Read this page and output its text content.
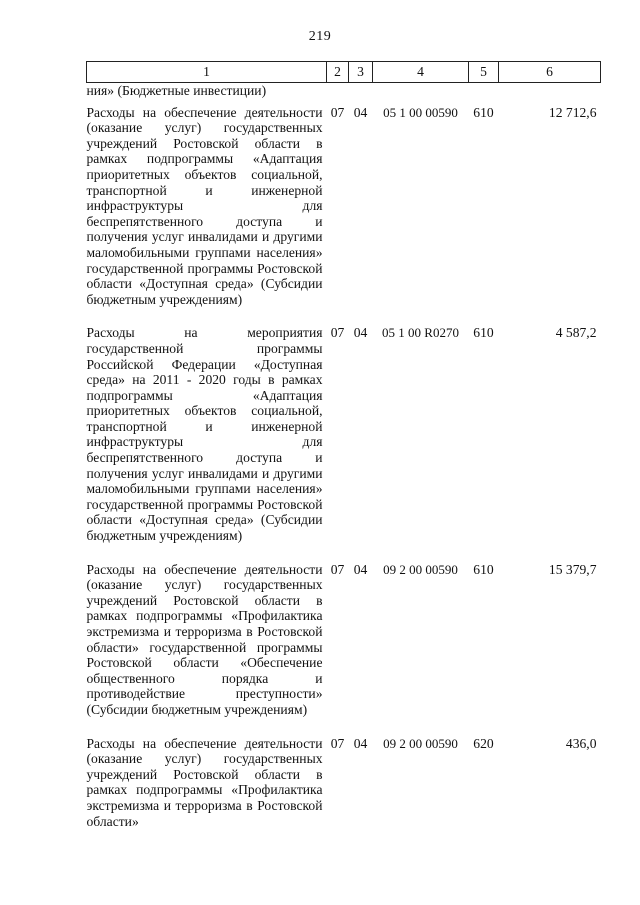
219
1	2	3	4	5	6
ния» (Бюджетные инвестиции)					
Расходы на обеспечение деятельности (оказание услуг) государственных учреждений Ростовской области в рамках подпрограммы «Адаптация приоритетных объектов социальной, транспортной и инженерной инфраструктуры для беспрепятственного доступа и получения услуг инвалидами и другими маломобильными группами населения» государственной программы Ростовской области «Доступная среда» (Субсидии бюджетным учреждениям)	07	04	05 1 00 00590	610	12 712,6
Расходы на мероприятия государственной программы Российской Федерации «Доступная среда» на 2011 - 2020 годы в рамках подпрограммы «Адаптация приоритетных объектов социальной, транспортной и инженерной инфраструктуры для беспрепятственного доступа и получения услуг инвалидами и другими маломобильными группами населения» государственной программы Ростовской области «Доступная среда» (Субсидии бюджетным учреждениям)	07	04	05 1 00 R0270	610	4 587,2
Расходы на обеспечение деятельности (оказание услуг) государственных учреждений Ростовской области в рамках подпрограммы «Профилактика экстремизма и терроризма в Ростовской области» государственной программы Ростовской области «Обеспечение общественного порядка и противодействие преступности» (Субсидии бюджетным учреждениям)	07	04	09 2 00 00590	610	15 379,7
Расходы на обеспечение деятельности (оказание услуг) государственных учреждений Ростовской области в рамках подпрограммы «Профилактика экстремизма и терроризма в Ростовской области»	07	04	09 2 00 00590	620	436,0
